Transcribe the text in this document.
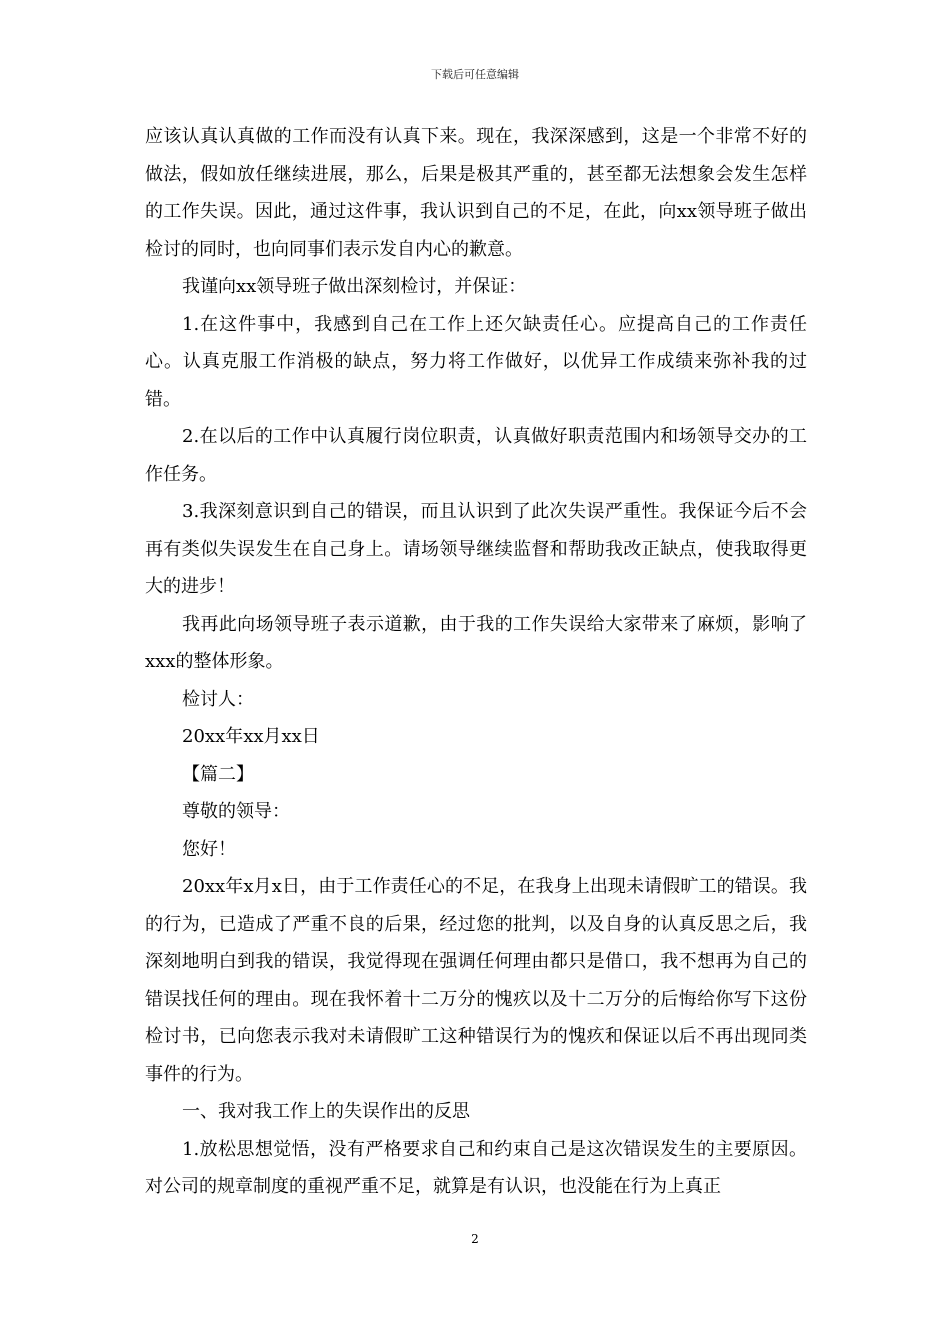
下载后可任意编辑

应该认真认真做的工作而没有认真下来。现在，我深深感到，这是一个非常不好的做法，假如放任继续进展，那么，后果是极其严重的，甚至都无法想象会发生怎样的工作失误。因此，通过这件事，我认识到自己的不足，在此，向xx领导班子做出检讨的同时，也向同事们表示发自内心的歉意。

我谨向xx领导班子做出深刻检讨，并保证：

1.在这件事中，我感到自己在工作上还欠缺责任心。应提高自己的工作责任心。认真克服工作消极的缺点，努力将工作做好，以优异工作成绩来弥补我的过错。

2.在以后的工作中认真履行岗位职责，认真做好职责范围内和场领导交办的工作任务。

3.我深刻意识到自己的错误，而且认识到了此次失误严重性。我保证今后不会再有类似失误发生在自己身上。请场领导继续监督和帮助我改正缺点，使我取得更大的进步！

我再此向场领导班子表示道歉，由于我的工作失误给大家带来了麻烦，影响了xxx的整体形象。

检讨人：

20xx年xx月xx日

【篇二】

尊敬的领导：

您好！

20xx年x月x日，由于工作责任心的不足，在我身上出现未请假旷工的错误。我的行为，已造成了严重不良的后果，经过您的批判，以及自身的认真反思之后，我深刻地明白到我的错误，我觉得现在强调任何理由都只是借口，我不想再为自己的错误找任何的理由。现在我怀着十二万分的愧疚以及十二万分的后悔给你写下这份检讨书，已向您表示我对未请假旷工这种错误行为的愧疚和保证以后不再出现同类事件的行为。

一、我对我工作上的失误作出的反思

1.放松思想觉悟，没有严格要求自己和约束自己是这次错误发生的主要原因。对公司的规章制度的重视严重不足，就算是有认识，也没能在行为上真正

2
